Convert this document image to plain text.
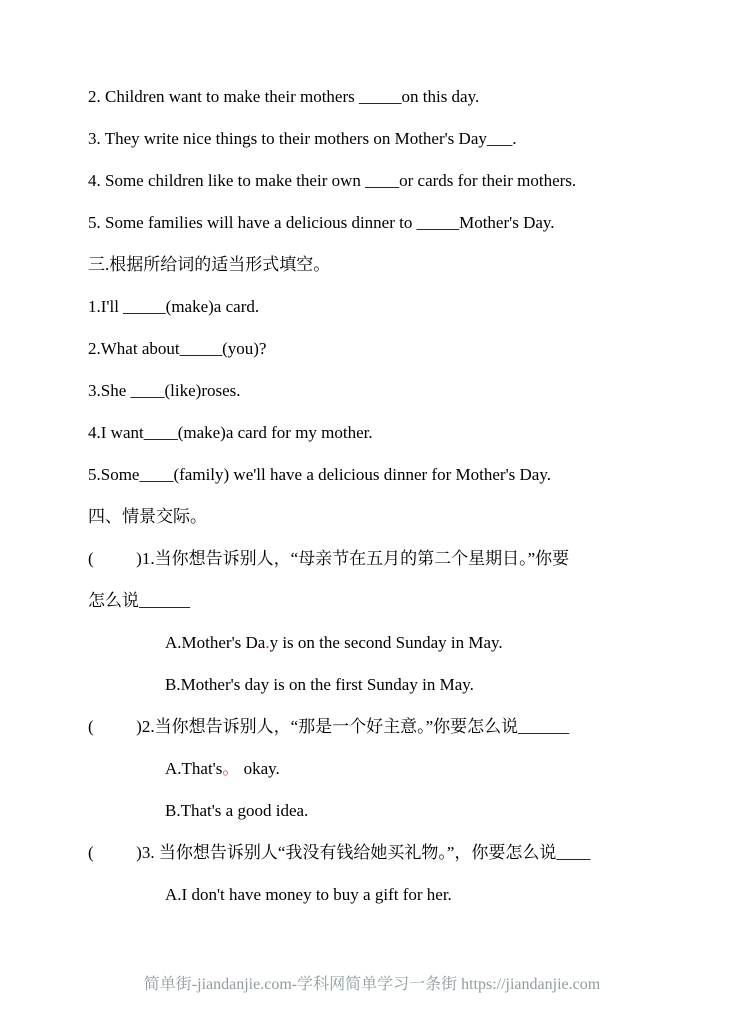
2. Children want to make their mothers _____on this day.
3. They write nice things to their mothers on Mother's Day___.
4. Some children like to make their own ____or cards for their mothers.
5. Some families will have a delicious dinner to _____Mother's Day.
三.根据所给词的适当形式填空。
1.I'll _____(make)a card.
2.What about_____(you)?
3.She ____(like)roses.
4.I want____(make)a card for my mother.
5.Some____(family) we'll have a delicious dinner for Mother's Day.
四、情景交际。
(          )1.当你想告诉别人，“母亲节在五月的第二个星期日。”你要
怎么说______
A.Mother's Da.y is on the second Sunday in May.
B.Mother's day is on the first Sunday in May.
(          )2.当你想告诉别人，“那是一个好主意。”你要怎么说______
A.That's。 okay.
B.That's a good idea.
(          )3. 当你想告诉别人“我没有钱给她买礼物。”，你要怎么说____
A.I don't have money to buy a gift for her.
简单街-jiandanjie.com-学科网简单学习一条街 https://jiandanjie.com
